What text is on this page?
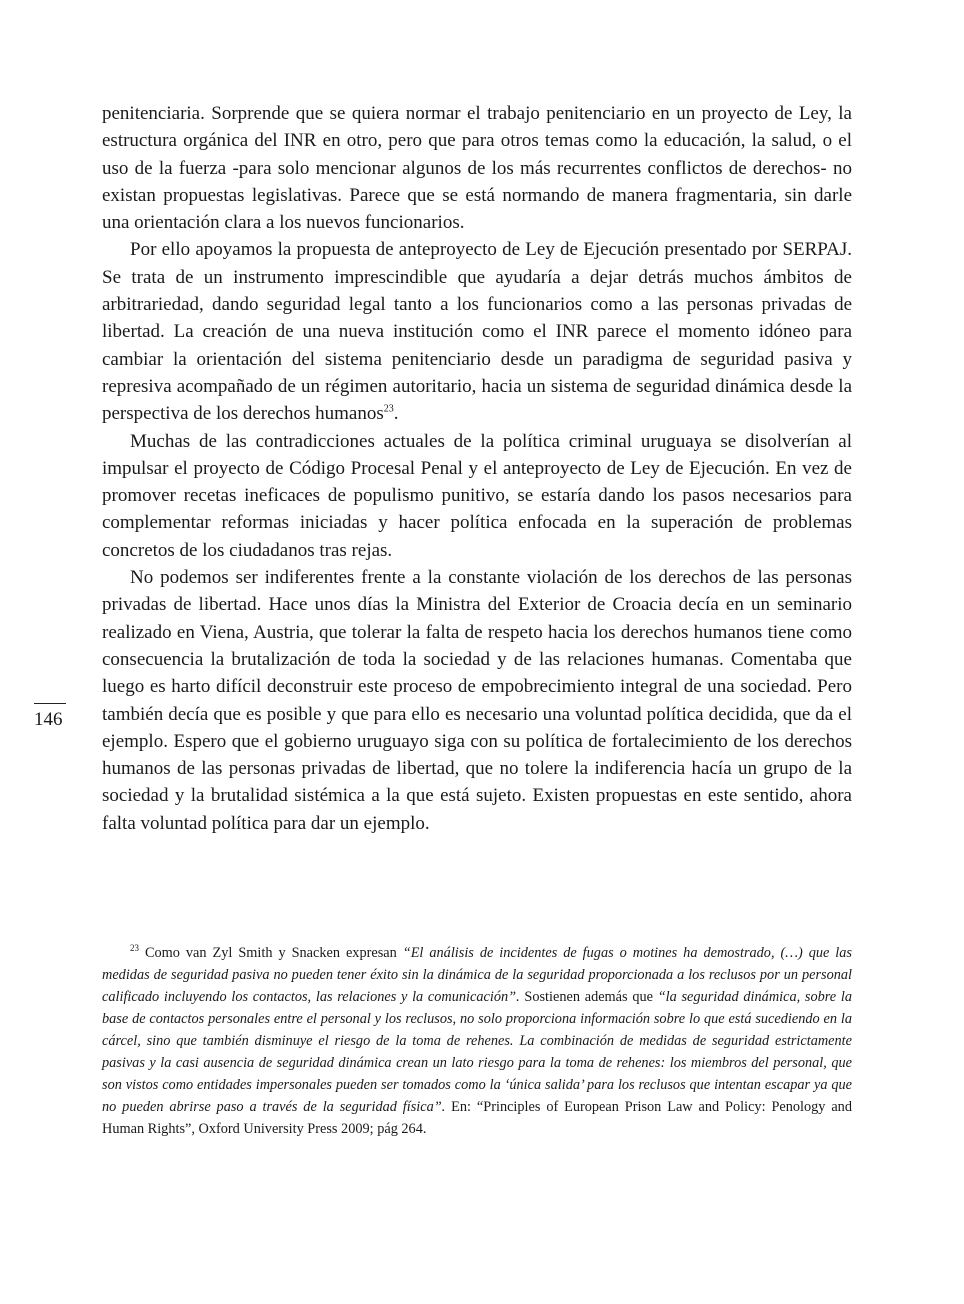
penitenciaria. Sorprende que se quiera normar el trabajo penitenciario en un proyecto de Ley, la estructura orgánica del INR en otro, pero que para otros temas como la educación, la salud, o el uso de la fuerza -para solo mencionar algunos de los más recurrentes conflictos de derechos- no existan propuestas legislativas. Parece que se está normando de manera fragmentaria, sin darle una orientación clara a los nuevos funcionarios.

Por ello apoyamos la propuesta de anteproyecto de Ley de Ejecución presentado por SERPAJ. Se trata de un instrumento imprescindible que ayudaría a dejar detrás muchos ámbitos de arbitrariedad, dando seguridad legal tanto a los funcionarios como a las personas privadas de libertad. La creación de una nueva institución como el INR parece el momento idóneo para cambiar la orientación del sistema penitenciario desde un paradigma de seguridad pasiva y represiva acompañado de un régimen autoritario, hacia un sistema de seguridad dinámica desde la perspectiva de los derechos humanos$^{23}$.

Muchas de las contradicciones actuales de la política criminal uruguaya se disolverían al impulsar el proyecto de Código Procesal Penal y el anteproyecto de Ley de Ejecución. En vez de promover recetas ineficaces de populismo punitivo, se estaría dando los pasos necesarios para complementar reformas iniciadas y hacer política enfocada en la superación de problemas concretos de los ciudadanos tras rejas.

No podemos ser indiferentes frente a la constante violación de los derechos de las personas privadas de libertad. Hace unos días la Ministra del Exterior de Croacia decía en un seminario realizado en Viena, Austria, que tolerar la falta de respeto hacia los derechos humanos tiene como consecuencia la brutalización de toda la sociedad y de las relaciones humanas. Comentaba que luego es harto difícil deconstruir este proceso de empobrecimiento integral de una sociedad. Pero también decía que es posible y que para ello es necesario una voluntad política decidida, que da el ejemplo. Espero que el gobierno uruguayo siga con su política de fortalecimiento de los derechos humanos de las personas privadas de libertad, que no tolere la indiferencia hacía un grupo de la sociedad y la brutalidad sistémica a la que está sujeto. Existen propuestas en este sentido, ahora falta voluntad política para dar un ejemplo.

146

$^{23}$ Como van Zyl Smith y Snacken expresan “El análisis de incidentes de fugas o motines ha demostrado, (…) que las medidas de seguridad pasiva no pueden tener éxito sin la dinámica de la seguridad proporcionada a los reclusos por un personal calificado incluyendo los contactos, las relaciones y la comunicación”. Sostienen además que “la seguridad dinámica, sobre la base de contactos personales entre el personal y los reclusos, no solo proporciona información sobre lo que está sucediendo en la cárcel, sino que también disminuye el riesgo de la toma de rehenes. La combinación de medidas de seguridad estrictamente pasivas y la casi ausencia de seguridad dinámica crean un lato riesgo para la toma de rehenes: los miembros del personal, que son vistos como entidades impersonales pueden ser tomados como la ‘única salida’ para los reclusos que intentan escapar ya que no pueden abrirse paso a través de la seguridad física”. En: “Principles of European Prison Law and Policy: Penology and Human Rights”, Oxford University Press 2009; pág 264.
